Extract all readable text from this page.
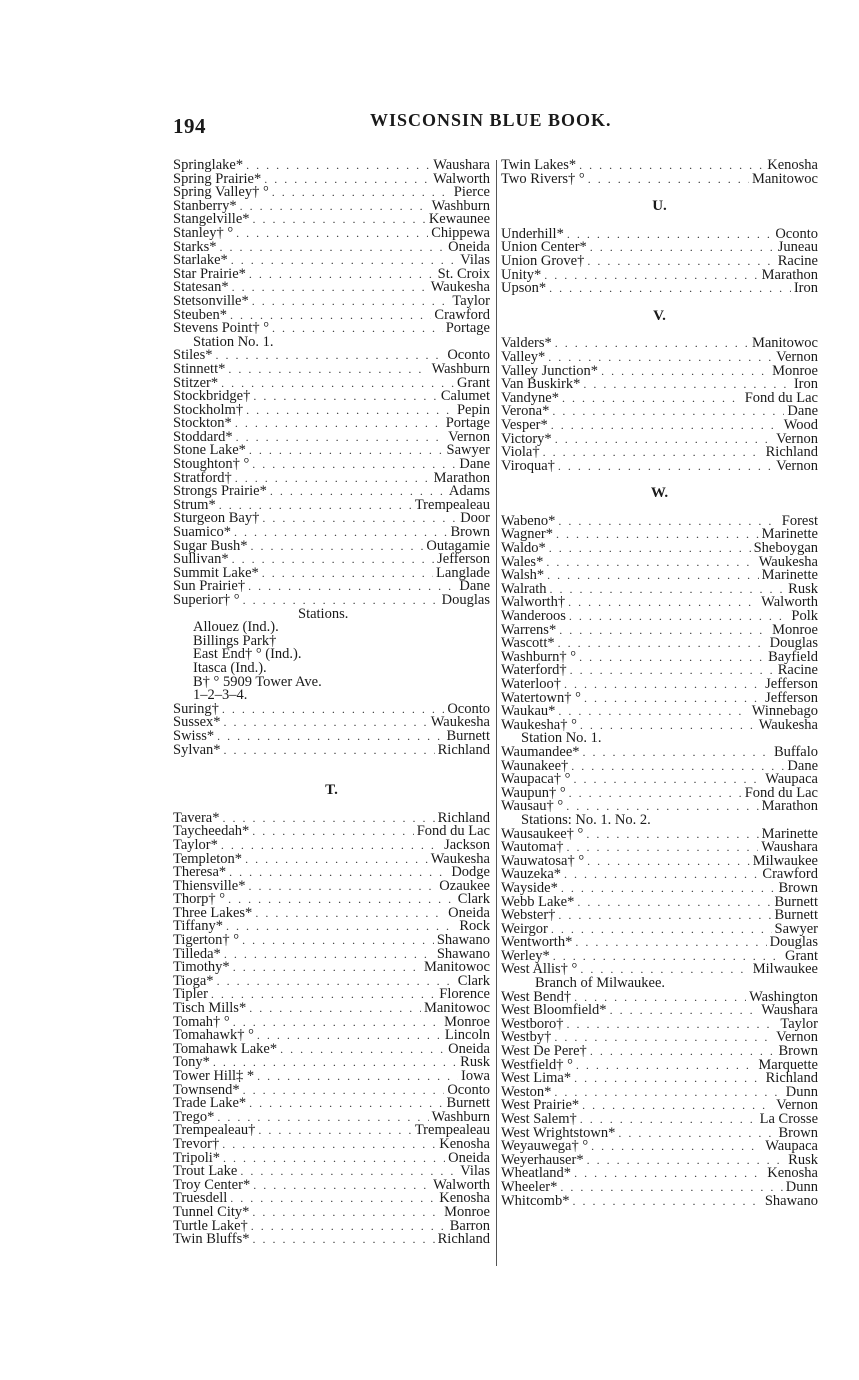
194	WISCONSIN BLUE BOOK.
Springlake* . . .	Waushara
Spring Prairie* . . .	Walworth
Spring Valley† ° . . .	Pierce
Stanberry* . . .	Washburn
Stangelville* . . .	Kewaunee
Stanley† ° . . .	Chippewa
Starks* . . .	Oneida
Starlake* . . .	Vilas
Star Prairie* . . .	St. Croix
Statesan* . . .	Waukesha
Stetsonville* . . .	Taylor
Steuben* . . .	Crawford
Stevens Point† ° . . .	Portage
Station No. 1.
Stiles* . . .	Oconto
Stinnett* . . .	Washburn
Stitzer* . . .	Grant
Stockbridge† . . .	Calumet
Stockholm† . . .	Pepin
Stockton* . . .	Portage
Stoddard* . . .	Vernon
Stone Lake* . . .	Sawyer
Stoughton† ° . . .	Dane
Stratford† . . .	Marathon
Strongs Prairie* . . .	Adams
Strum* . . .	Trempealeau
Sturgeon Bay† . . .	Door
Suamico* . . .	Brown
Sugar Bush* . . .	Outagamie
Sullivan* . . .	Jefferson
Summit Lake* . . .	Langlade
Sun Prairie† . . .	Dane
Superior† ° . . .	Douglas
Stations.
Allouez (Ind.).
Billings Park†
East End† ° (Ind.).
Itasca (Ind.).
B† ° 5909 Tower Ave.
1–2–3–4.
Suring† . . .	Oconto
Sussex* . . .	Waukesha
Swiss* . . .	Burnett
Sylvan* . . .	Richland
T.
Tavera* . . .	Richland
Taycheedah* . . .	Fond du Lac
Taylor* . . .	Jackson
Templeton* . . .	Waukesha
Theresa* . . .	Dodge
Thiensville* . . .	Ozaukee
Thorp† ° . . .	Clark
Three Lakes* . . .	Oneida
Tiffany* . . .	Rock
Tigerton† ° . . .	Shawano
Tilleda* . . .	Shawano
Timothy* . . .	Manitowoc
Tioga* . . .	Clark
Tipler . . .	Florence
Tisch Mills* . . .	Manitowoc
Tomah† ° . . .	Monroe
Tomahawk† ° . . .	Lincoln
Tomahawk Lake* . . .	Oneida
Tony* . . .	Rusk
Tower Hill‡ * . . .	Iowa
Townsend* . . .	Oconto
Trade Lake* . . .	Burnett
Trego* . . .	Washburn
Trempealeau† . . .	Trempealeau
Trevor† . . .	Kenosha
Tripoli* . . .	Oneida
Trout Lake . . .	Vilas
Troy Center* . . .	Walworth
Truesdell . . .	Kenosha
Tunnel City* . . .	Monroe
Turtle Lake† . . .	Barron
Twin Bluffs* . . .	Richland
Twin Lakes* . . .	Kenosha
Two Rivers† ° . . .	Manitowoc
U.
Underhill* . . .	Oconto
Union Center* . . .	Juneau
Union Grove† . . .	Racine
Unity* . . .	Marathon
Upson* . . .	Iron
V.
Valders* . . .	Manitowoc
Valley* . . .	Vernon
Valley Junction* . . .	Monroe
Van Buskirk* . . .	Iron
Vandyne* . . .	Fond du Lac
Verona* . . .	Dane
Vesper* . . .	Wood
Victory* . . .	Vernon
Viola† . . .	Richland
Viroqua† . . .	Vernon
W.
Wabeno* . . .	Forest
Wagner* . . .	Marinette
Waldo* . . .	Sheboygan
Wales* . . .	Waukesha
Walsh* . . .	Marinette
Walrath . . .	Rusk
Walworth† . . .	Walworth
Wanderoos . . .	Polk
Warrens* . . .	Monroe
Wascott* . . .	Douglas
Washburn† ° . . .	Bayfield
Waterford† . . .	Racine
Waterloo† . . .	Jefferson
Watertown† ° . . .	Jefferson
Waukau* . . .	Winnebago
Waukesha† ° . . .	Waukesha
Station No. 1.
Waumandee* . . .	Buffalo
Waunakee† . . .	Dane
Waupaca† ° . . .	Waupaca
Waupun† ° . . .	Fond du Lac
Wausau† ° . . .	Marathon
Stations: No. 1. No. 2.
Wausaukee† ° . . .	Marinette
Wautoma† . . .	Waushara
Wauwatosa† ° . . .	Milwaukee
Wauzeka* . . .	Crawford
Wayside* . . .	Brown
Webb Lake* . . .	Burnett
Webster† . . .	Burnett
Weirgor . . .	Sawyer
Wentworth* . . .	Douglas
Werley* . . .	Grant
West Allis† ° . . .	Milwaukee
Branch of Milwaukee.
West Bend† . . .	Washington
West Bloomfield* . . .	Waushara
Westboro† . . .	Taylor
Westby† . . .	Vernon
West De Pere† . . .	Brown
Westfield† ° . . .	Marquette
West Lima* . . .	Richland
Weston* . . .	Dunn
West Prairie* . . .	Vernon
West Salem† . . .	La Crosse
West Wrightstown* . . .	Brown
Weyauwega† ° . . .	Waupaca
Weyerhauser* . . .	Rusk
Wheatland* . . .	Kenosha
Wheeler* . . .	Dunn
Whitcomb* . . .	Shawano
